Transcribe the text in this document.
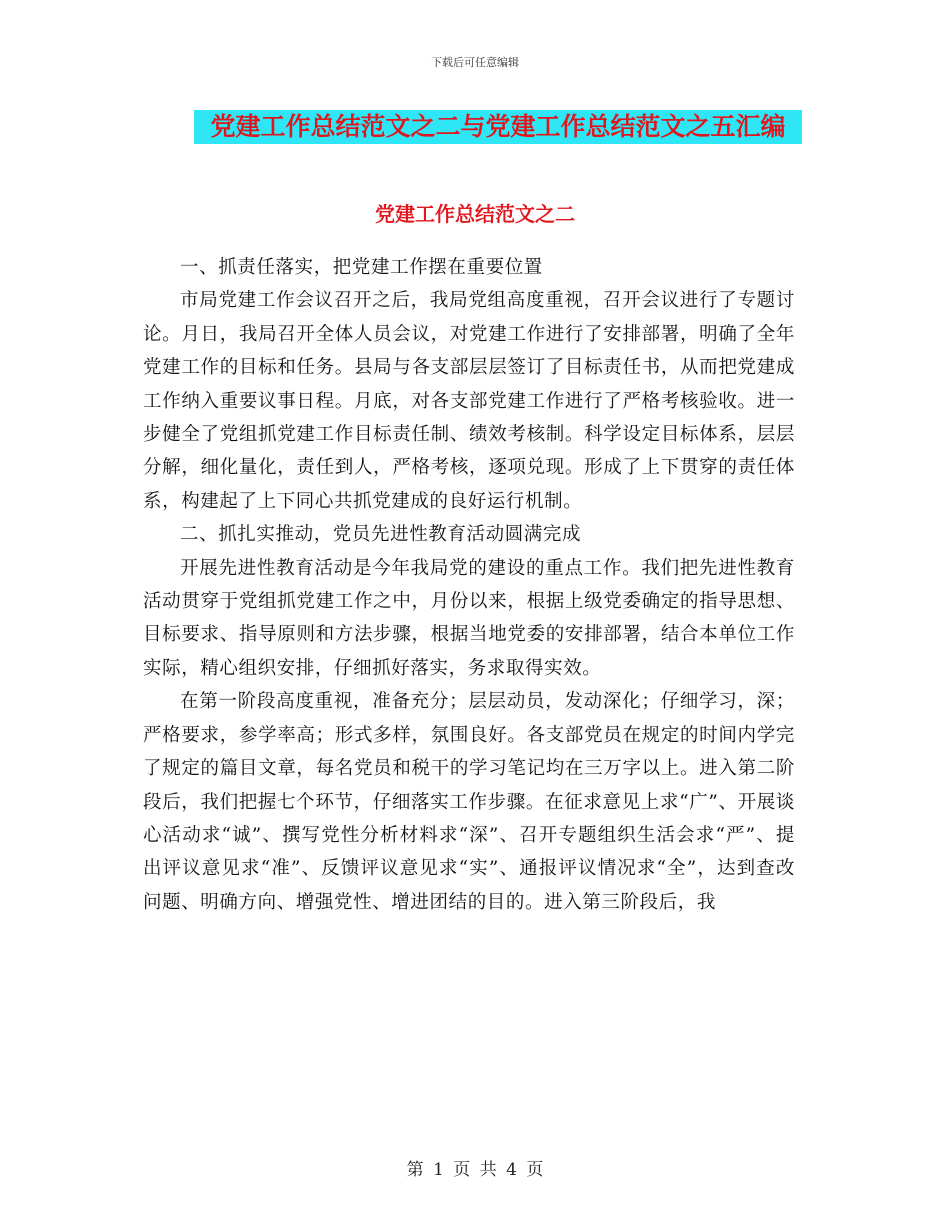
下载后可任意编辑
党建工作总结范文之二与党建工作总结范文之五汇编
党建工作总结范文之二

一、抓责任落实，把党建工作摆在重要位置

市局党建工作会议召开之后，我局党组高度重视，召开会议进行了专题讨论。月日，我局召开全体人员会议，对党建工作进行了安排部署，明确了全年党建工作的目标和任务。县局与各支部层层签订了目标责任书，从而把党建成工作纳入重要议事日程。月底，对各支部党建工作进行了严格考核验收。进一步健全了党组抓党建工作目标责任制、绩效考核制。科学设定目标体系，层层分解，细化量化，责任到人，严格考核，逐项兑现。形成了上下贯穿的责任体系，构建起了上下同心共抓党建成的良好运行机制。

二、抓扎实推动，党员先进性教育活动圆满完成

开展先进性教育活动是今年我局党的建设的重点工作。我们把先进性教育活动贯穿于党组抓党建工作之中，月份以来，根据上级党委确定的指导思想、目标要求、指导原则和方法步骤，根据当地党委的安排部署，结合本单位工作实际，精心组织安排，仔细抓好落实，务求取得实效。

在第一阶段高度重视，准备充分；层层动员，发动深化；仔细学习，深；严格要求，参学率高；形式多样，氛围良好。各支部党员在规定的时间内学完了规定的篇目文章，每名党员和税干的学习笔记均在三万字以上。进入第二阶段后，我们把握七个环节，仔细落实工作步骤。在征求意见上求“广”、开展谈心活动求“诚”、撰写党性分析材料求“深”、召开专题组织生活会求“严”、提出评议意见求“准”、反馈评议意见求“实”、通报评议情况求“全”，达到查改问题、明确方向、增强党性、增进团结的目的。进入第三阶段后，我

第 1 页 共 4 页
